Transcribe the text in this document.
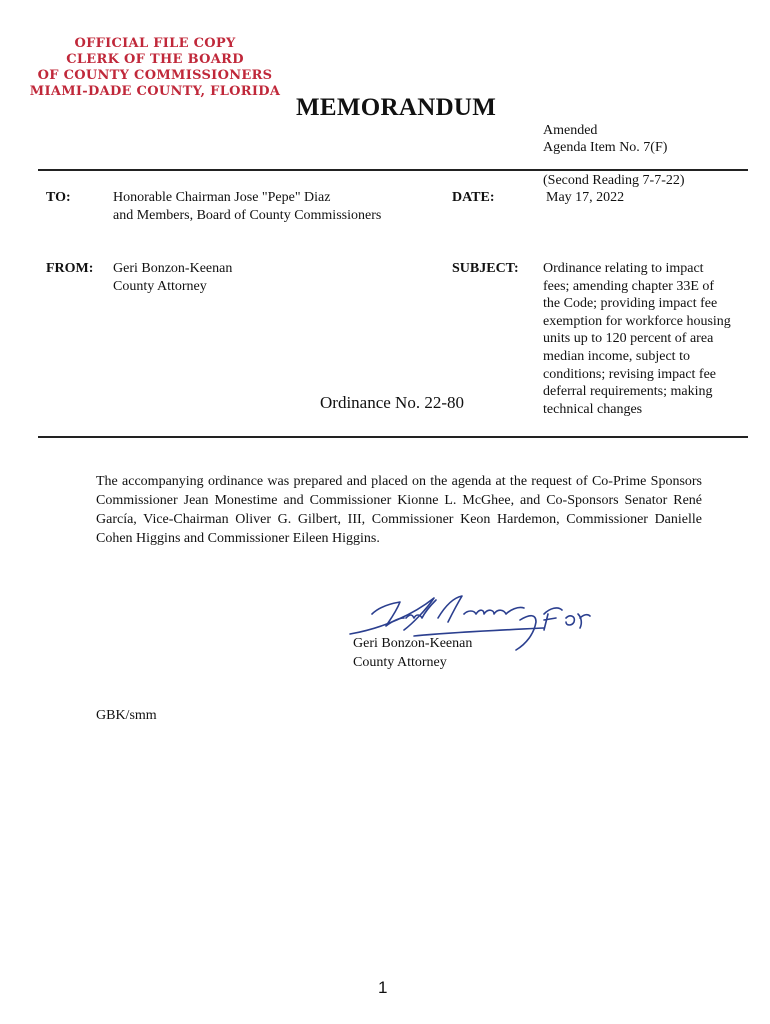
OFFICIAL FILE COPY
CLERK OF THE BOARD
OF COUNTY COMMISSIONERS
MIAMI-DADE COUNTY, FLORIDA
MEMORANDUM
Amended
Agenda Item No. 7(F)
TO:	Honorable Chairman Jose "Pepe" Diaz
and Members, Board of County Commissioners
DATE:
(Second Reading 7-7-22)
May 17, 2022
FROM: Geri Bonzon-Keenan
County Attorney
SUBJECT: Ordinance relating to impact
fees; amending chapter 33E of
the Code; providing impact fee
exemption for workforce housing
units up to 120 percent of area
median income, subject to
conditions; revising impact fee
deferral requirements; making
technical changes
Ordinance No. 22-80
The accompanying ordinance was prepared and placed on the agenda at the request of Co-Prime Sponsors Commissioner Jean Monestime and Commissioner Kionne L. McGhee, and Co-Sponsors Senator René García, Vice-Chairman Oliver G. Gilbert, III, Commissioner Keon Hardemon, Commissioner Danielle Cohen Higgins and Commissioner Eileen Higgins.
Geri Bonzon-Keenan
County Attorney
GBK/smm
1
